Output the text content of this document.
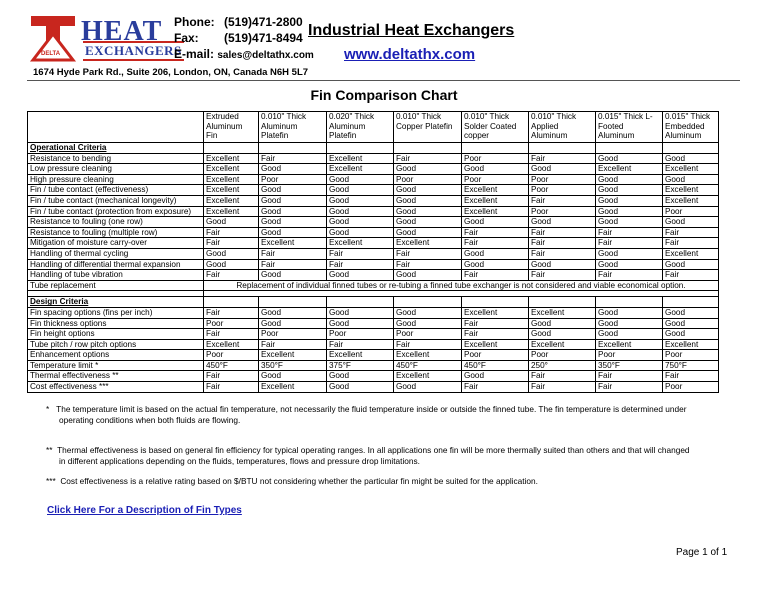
DELTA
HEAT
EXCHANGERS
Phone: (519)471-2800
Fax: (519)471-8494
E-mail: sales@deltathx.com
1674 Hyde Park Rd., Suite 206, London, ON, Canada N6H 5L7
Industrial Heat Exchangers
www.deltathx.com
Fin Comparison Chart
	Extruded Aluminum Fin	0.010" Thick Aluminum Platefin	0.020" Thick Aluminum Platefin	0.010" Thick Copper Platefin	0.010" Thick Solder Coated copper	0.010" Thick Applied Aluminum	0.015" Thick L-Footed Aluminum	0.015" Thick Embedded Aluminum
Operational Criteria								
Resistance to bending	Excellent	Fair	Excellent	Fair	Poor	Fair	Good	Good
Low pressure cleaning	Excellent	Good	Excellent	Good	Good	Good	Excellent	Excellent
High pressure cleaning	Excellent	Poor	Good	Poor	Poor	Poor	Good	Good
Fin / tube contact (effectiveness)	Excellent	Good	Good	Good	Excellent	Poor	Good	Excellent
Fin / tube contact (mechanical longevity)	Excellent	Good	Good	Good	Excellent	Fair	Good	Excellent
Fin / tube contact (protection from exposure)	Excellent	Good	Good	Good	Excellent	Poor	Good	Poor
Resistance to fouling (one row)	Good	Good	Good	Good	Good	Good	Good	Good
Resistance to fouling (multiple row)	Fair	Good	Good	Good	Fair	Fair	Fair	Fair
Mitigation of moisture carry-over	Fair	Excellent	Excellent	Excellent	Fair	Fair	Fair	Fair
Handling of thermal cycling	Good	Fair	Fair	Fair	Good	Fair	Good	Excellent
Handling of differential thermal expansion	Good	Fair	Fair	Fair	Good	Good	Good	Good
Handling of tube vibration	Fair	Good	Good	Good	Fair	Fair	Fair	Fair
Tube replacement	Replacement of individual finned tubes or re-tubing a finned tube exchanger is not considered and viable economical option.							

Design Criteria								
Fin spacing options (fins per inch)	Fair	Good	Good	Good	Excellent	Excellent	Good	Good
Fin thickness options	Poor	Good	Good	Good	Fair	Good	Good	Good
Fin height options	Fair	Poor	Poor	Poor	Fair	Good	Good	Good
Tube pitch / row pitch options	Excellent	Fair	Fair	Fair	Excellent	Excellent	Excellent	Excellent
Enhancement options	Poor	Excellent	Excellent	Excellent	Poor	Poor	Poor	Poor
Temperature limit *	450°F	350°F	375°F	450°F	450°F	250°	350°F	750°F
Thermal effectiveness **	Fair	Good	Good	Excellent	Good	Fair	Fair	Fair
Cost effectiveness ***	Fair	Excellent	Good	Good	Fair	Fair	Fair	Poor
* The temperature limit is based on the actual fin temperature, not necessarily the fluid temperature inside or outside the finned tube. The fin temperature is determined under
operating conditions when both fluids are flowing.
** Thermal effectiveness is based on general fin efficiency for typical operating ranges. In all applications one fin will be more thermally suited than others and that will changed
in different applications depending on the fluids, temperatures, flows and pressure drop limitations.
*** Cost effectiveness is a relative rating based on $/BTU not considering whether the particular fin might be suited for the application.
Click Here For a Description of Fin Types
Page 1 of 1
